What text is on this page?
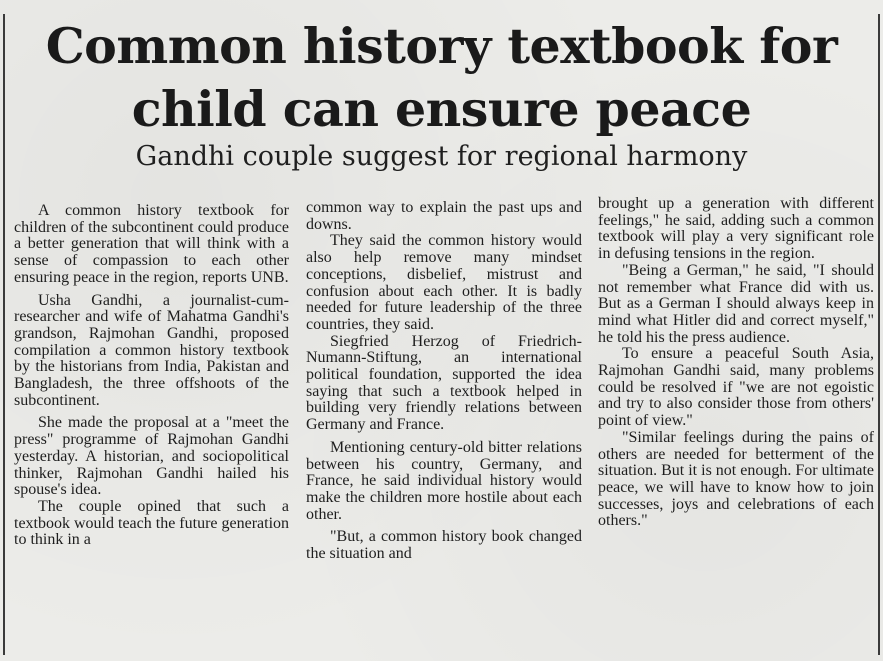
Common history textbook for
child can ensure peace
Gandhi couple suggest for regional harmony

A common history textbook for children of the subcontinent could produce a better generation that will think with a sense of compassion to each other ensuring peace in the region, reports UNB.

Usha Gandhi, a journalist-cum-researcher and wife of Mahatma Gandhi's grandson, Rajmohan Gandhi, proposed compilation a common history textbook by the historians from India, Pakistan and Bangladesh, the three offshoots of the subcontinent.

She made the proposal at a "meet the press" programme of Rajmohan Gandhi yesterday. A historian, and sociopolitical thinker, Rajmohan Gandhi hailed his spouse's idea.

The couple opined that such a textbook would teach the future generation to think in a

common way to explain the past ups and downs.

They said the common history would also help remove many mindset conceptions, disbelief, mistrust and confusion about each other. It is badly needed for future leadership of the three countries, they said.

Siegfried Herzog of Friedrich-Numann-Stiftung, an international political foundation, supported the idea saying that such a textbook helped in building very friendly relations between Germany and France.

Mentioning century-old bitter relations between his country, Germany, and France, he said individual history would make the children more hostile about each other.

"But, a common history book changed the situation and

brought up a generation with different feelings," he said, adding such a common textbook will play a very significant role in defusing tensions in the region.

"Being a German," he said, "I should not remember what France did with us. But as a German I should always keep in mind what Hitler did and correct myself," he told his the press audience.

To ensure a peaceful South Asia, Rajmohan Gandhi said, many problems could be resolved if "we are not egoistic and try to also consider those from others' point of view."

"Similar feelings during the pains of others are needed for betterment of the situation. But it is not enough. For ultimate peace, we will have to know how to join successes, joys and celebrations of each others."
